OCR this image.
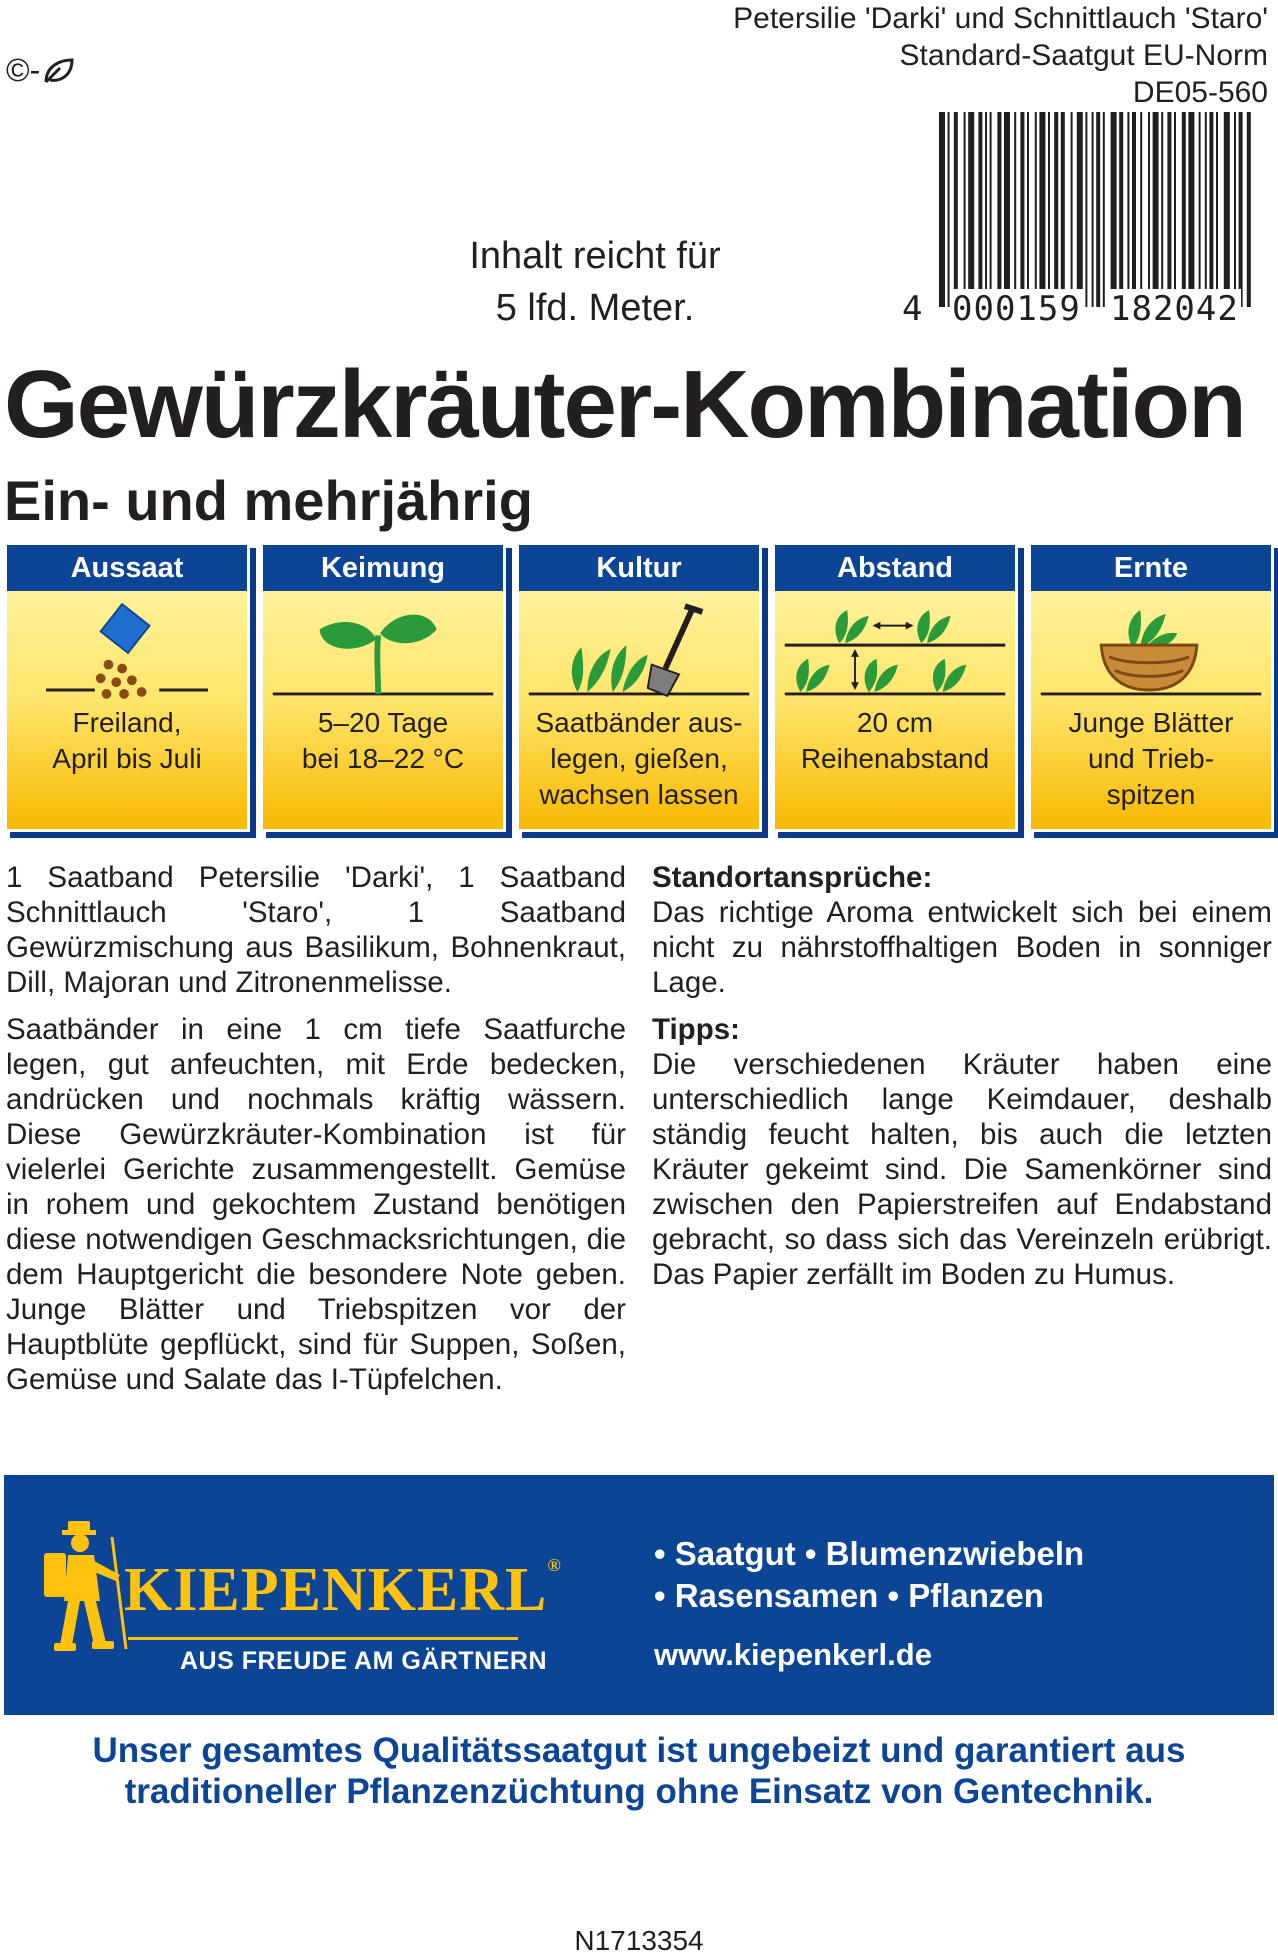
Petersilie 'Darki' und Schnittlauch 'Staro'
Standard-Saatgut EU-Norm
DE05-560
©-
4 000159 182042
Inhalt reicht für
5 lfd. Meter.
Gewürzkräuter-Kombination
Ein- und mehrjährig
Aussaat
Freiland,
April bis Juli
Keimung
5–20 Tage
bei 18–22 °C
Kultur
Saatbänder aus-
legen, gießen,
wachsen lassen
Abstand
20 cm
Reihenabstand
Ernte
Junge Blätter
und Trieb-
spitzen

1 Saatband Petersilie 'Darki', 1 Saatband Schnittlauch 'Staro', 1 Saatband Gewürzmischung aus Basilikum, Bohnenkraut, Dill, Majoran und Zitronenmelisse.

Saatbänder in eine 1 cm tiefe Saatfurche legen, gut anfeuchten, mit Erde bedecken, andrücken und nochmals kräftig wässern. Diese Gewürzkräuter-Kombination ist für vielerlei Gerichte zusammengestellt. Gemüse in rohem und gekochtem Zustand benötigen diese notwendigen Geschmacksrichtungen, die dem Hauptgericht die besondere Note geben. Junge Blätter und Triebspitzen vor der Hauptblüte gepflückt, sind für Suppen, Soßen, Gemüse und Salate das I-Tüpfelchen.

Standortansprüche:

Das richtige Aroma entwickelt sich bei einem nicht zu nährstoffhaltigen Boden in sonniger Lage.

Tipps:

Die verschiedenen Kräuter haben eine unterschiedlich lange Keimdauer, deshalb ständig feucht halten, bis auch die letzten Kräuter gekeimt sind. Die Samenkörner sind zwischen den Papierstreifen auf Endabstand gebracht, so dass sich das Vereinzeln erübrigt. Das Papier zerfällt im Boden zu Humus.

KIEPENKERL®
AUS FREUDE AM GÄRTNERN
• Saatgut • Blumenzwiebeln
• Rasensamen • Pflanzen
www.kiepenkerl.de
Unser gesamtes Qualitätssaatgut ist ungebeizt und garantiert aus
traditioneller Pflanzenzüchtung ohne Einsatz von Gentechnik.
N1713354
